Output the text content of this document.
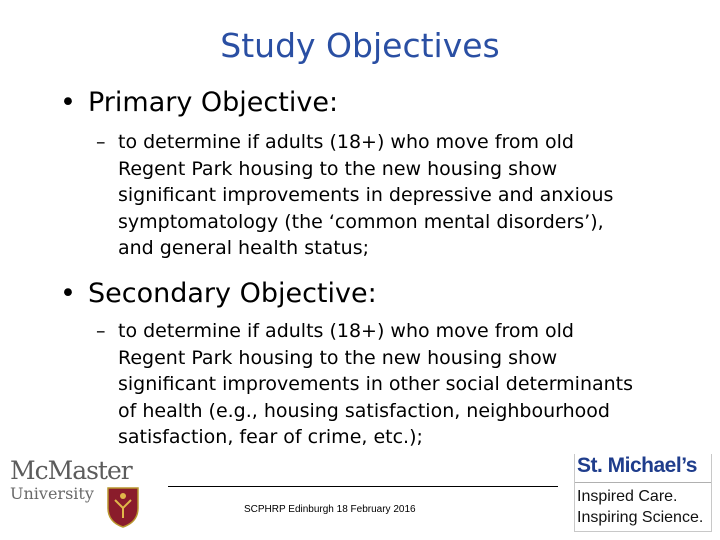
Study Objectives
• Primary Objective:
– to determine if adults (18+) who move from old
Regent Park housing to the new housing show
significant improvements in depressive and anxious
symptomatology (the ‘common mental disorders’),
and general health status;
• Secondary Objective:
– to determine if adults (18+) who move from old
Regent Park housing to the new housing show
significant improvements in other social determinants
of health (e.g., housing satisfaction, neighbourhood
satisfaction, fear of crime, etc.);
McMaster
University
SCPHRP Edinburgh 18 February 2016
St. Michael’s
Inspired Care.
Inspiring Science.
